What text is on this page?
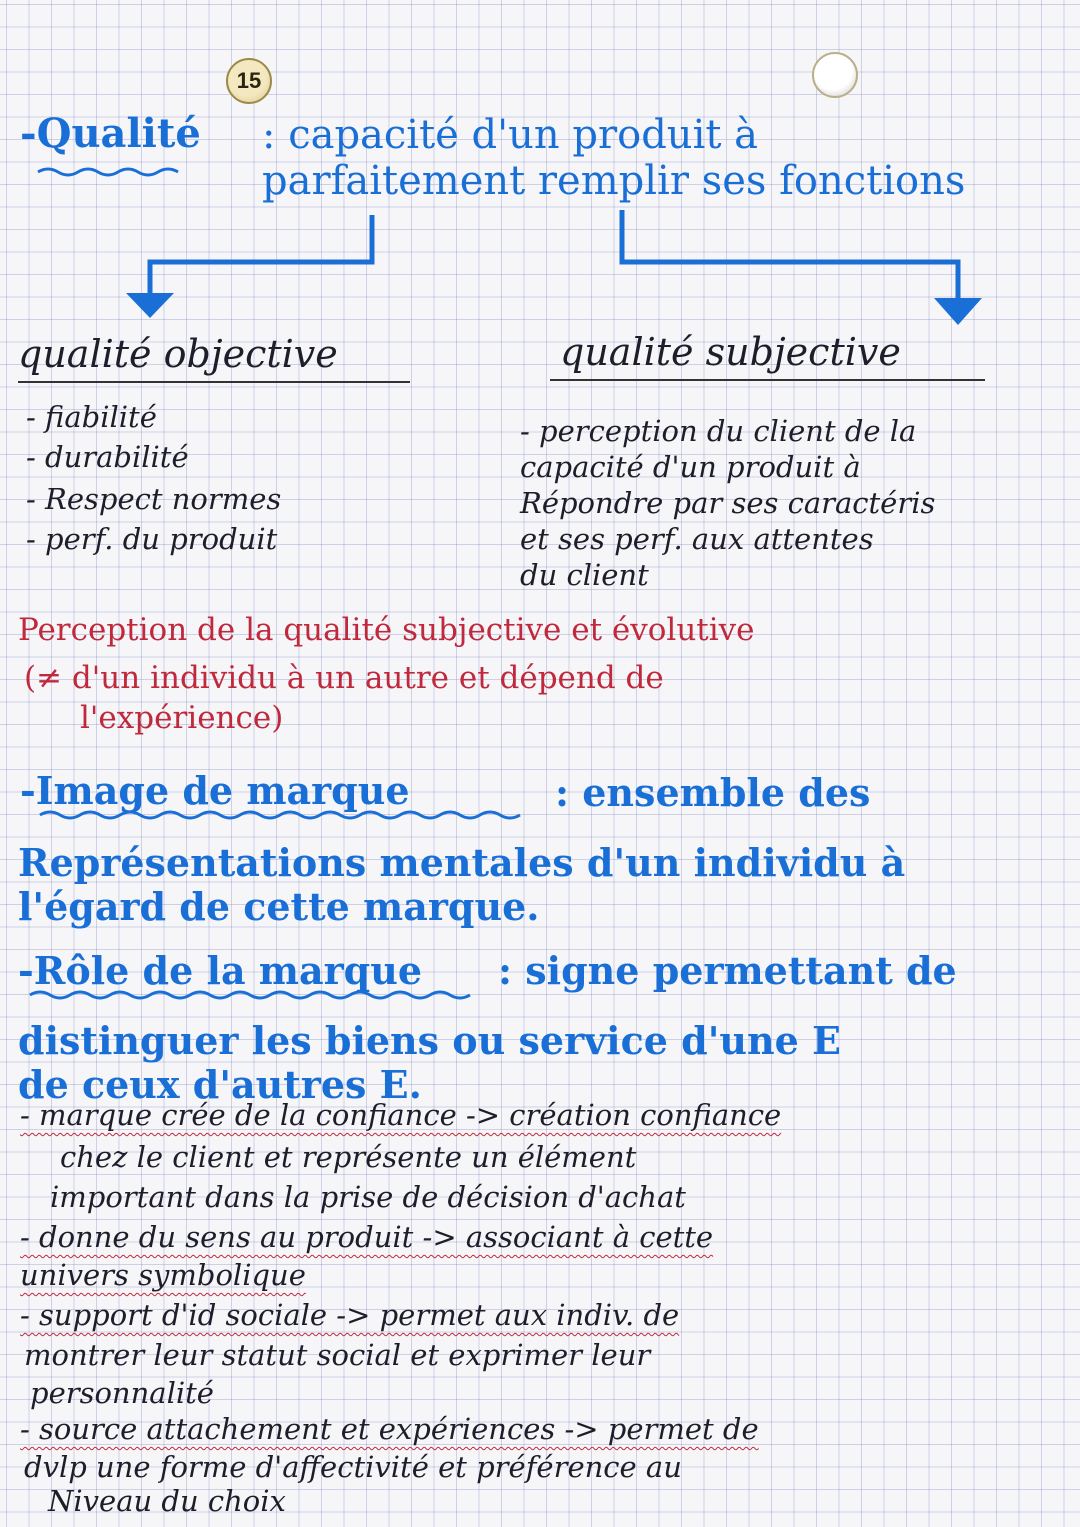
15
-Qualité : capacité d'un produit à
parfaitement remplir ses fonctions
qualité objective
- fiabilité
- durabilité
- Respect normes
- perf. du produit
qualité subjective
- perception du client de la
capacité d'un produit à
Répondre par ses caractéris
et ses perf. aux attentes
du client
Perception de la qualité subjective et évolutive
(≠ d'un individu à un autre et dépend de
l'expérience)
-Image de marque	: ensemble des
Représentations mentales d'un individu à
l'égard de cette marque.
-Rôle de la marque : signe permettant de
distinguer les biens ou service d'une E
de ceux d'autres E.
- marque crée de la confiance -> création confiance
chez le client et représente un élément
important dans la prise de décision d'achat
- donne du sens au produit -> associant à cette
univers symbolique
- support d'id sociale -> permet aux indiv. de
montrer leur statut social et exprimer leur
personnalité
- source attachement et expériences -> permet de
dvlp une forme d'affectivité et préférence au
Niveau du choix
